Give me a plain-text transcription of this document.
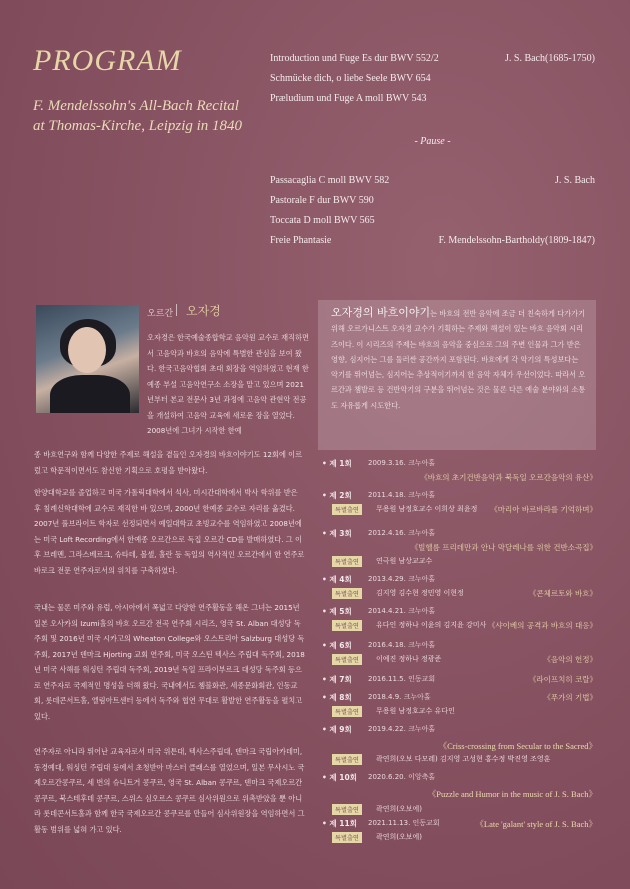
PROGRAM
F. Mendelssohn's All-Bach Recital
at Thomas-Kirche, Leipzig in 1840
Introduction und Fuge Es dur BWV 552/2	J. S. Bach(1685-1750)
Schmücke dich, o liebe Seele BWV 654
Præludium und Fuge A moll BWV 543
- Pause -
Passacaglia C moll BWV 582	J. S. Bach
Pastorale F dur BWV 590
Toccata D moll BWV 565
Freie Phantasie	F. Mendelssohn-Bartholdy(1809-1847)
오르간 오자경
오자경은 한국예술종합학교 음악원 교수로 재직하면서 고음악과 바흐의 음악에 특별한 관심을 보여 왔다. 한국고음악협회 초대 회장을 역임하였고 현재 한예종 부설 고음악연구소 소장을 맡고 있으며 2021년부터 본교 전문사 3년 과정에 고음악 관현악 전공을 개설하여 고음악 교육에 새로운 장을 열었다. 2008년에 그녀가 시작한 한예
종 바흐연구와 함께 다양한 주제로 해설을 곁들인 오자경의 바흐이야기도 12회에 이르렀고 학문적이면서도 참신한 기획으로 호평을 받아왔다.
한양대학교를 졸업하고 미국 가톨릭대학에서 석사, 미시간대학에서 박사 학위를 받은 후 침례신학대학에 교수로 재직한 바 있으며, 2000년 한예종 교수로 자리를 옮겼다. 2007년 풀브라이트 학자로 선정되면서 예일대학교 초빙교수를 역임하였고 2008년에는 미국 Loft Recording에서 한예종 오르간으로 독집 오르간 CD를 발매하였다. 그 이후 브레멘, 그라스베르크, 슈타데, 볼셀, 홀란 등 독일의 역사적인 오르간에서 한 연주로 바로크 전문 연주자로서의 위치를 구축하였다.
국내는 물론 미주와 유럽, 아시아에서 폭넓고 다양한 연주활동을 해온 그녀는 2015년 일본 오사카의 Izumi홀의 바흐 오르간 전곡 연주회 시리즈, 영국 St. Alban 대성당 독주회 및 2016년 미국 시카고의 Wheaton College와 오스트리아 Salzburg 대성당 독주회, 2017년 덴마크 Hjorting 교회 연주회, 미국 오스틴 텍사스 주립대 독주회, 2018년 미국 사해를 워싱턴 주립대 독주회, 2019년 독일 프라이부르크 대성당 독주회 등으로 연주자로 국제적인 명성을 더해 왔다. 국내에서도 쳄블화관, 세종문화회관, 인동교회, 롯데콘서트홀, 엘림아트센터 등에서 독주와 협연 무대로 활발한 연주활동을 펼치고 있다.
연주자로 아니라 뛰어난 교육자로서 미국 위튼대, 텍사스주립대, 덴마크 국립아카데미, 동경예대, 워싱턴 주립대 등에서 초청받아 마스터 클래스를 열었으며, 일본 무사시노 국제오르간콩쿠르, 세 번의 슈니트거 콩쿠르, 영국 St. Alban 콩쿠르, 덴마크 국제오르간콩쿠르, 북스테후데 콩쿠르, 스위스 심오르스 콩쿠르 심사위원으로 위촉받았을 뿐 아니라 롯데콘서트홀과 함께 한국 국제오르간 콩쿠르를 만들어 심사위원장을 역임하면서 그 활동 범위를 넓혀 가고 있다.
오자경의 바흐이야기는 바흐의 전반 음악에 조금 더 친숙하게 다가가기 위해 오르가니스트 오자경 교수가 기획하는 주제와 해설이 있는 바흐 음악회 시리즈이다. 이 시리즈의 주제는 바흐의 음악을 중심으로 그의 주변 인물과 그가 받은 영향, 심지어는 그를 둘러싼 공간까지 포함된다. 바흐에게 각 악기의 특성보다는 악기를 뛰어넘는, 심지어는 추상적이기까지 한 음악 자체가 우선이었다. 따라서 오르간과 챔발로 등 건반악기의 구분을 뛰어넘는 것은 물론 다른 예술 분야와의 소통도 자유롭게 시도한다.
• 제 1회 2009.3.16. 크누아홀
《바흐의 초기건반음악과 북독일 오르간음악의 유산》
• 제 2회 2011.4.18. 크누아홀
《마리아 바르바라를 기억하며》
특별출연	무용원 남정호교수 이희상 최윤정
• 제 3회 2012.4.16. 크누아홀
《빌헬름 프리데만과 안나 막달레나를 위한 건반소곡집》
특별출연	연극원 남상교교수
• 제 4회 2013.4.29. 크누아홀
《콘체르토와 바흐》
특별출연	김지영 김수현 정민영 이현정
• 제 5회 2014.4.21. 크누아홀
《샤이베의 공격과 바흐의 대응》
특별출연	유다인 정하나 이윤의 김지윤 강미사
• 제 6회 2016.4.18. 크누아홀
《음악의 헌정》
특별출연	이예진 정하나 정광준
• 제 7회 2016.11.5. 인동교회	《라이프치히 코랄》
• 제 8회 2018.4.9. 크누아홀	《푸가의 기법》
특별출연	무용원 남정호교수 유다인
• 제 9회 2019.4.22. 크누아홀
《Criss-crossing from Secular to the Sacred》
특별출연	곽연희(오보 다모레) 김지영 고성현 홍수정 박진영 조영훈
• 제 10회 2020.6.20. 이앙축홀
《Puzzle and Humor in the music of J. S. Bach》
특별출연	곽연희(오보에)
• 제 11회 2021.11.13. 인동교회	《Late 'galant' style of J. S. Bach》
특별출연	곽연희(오보에)
